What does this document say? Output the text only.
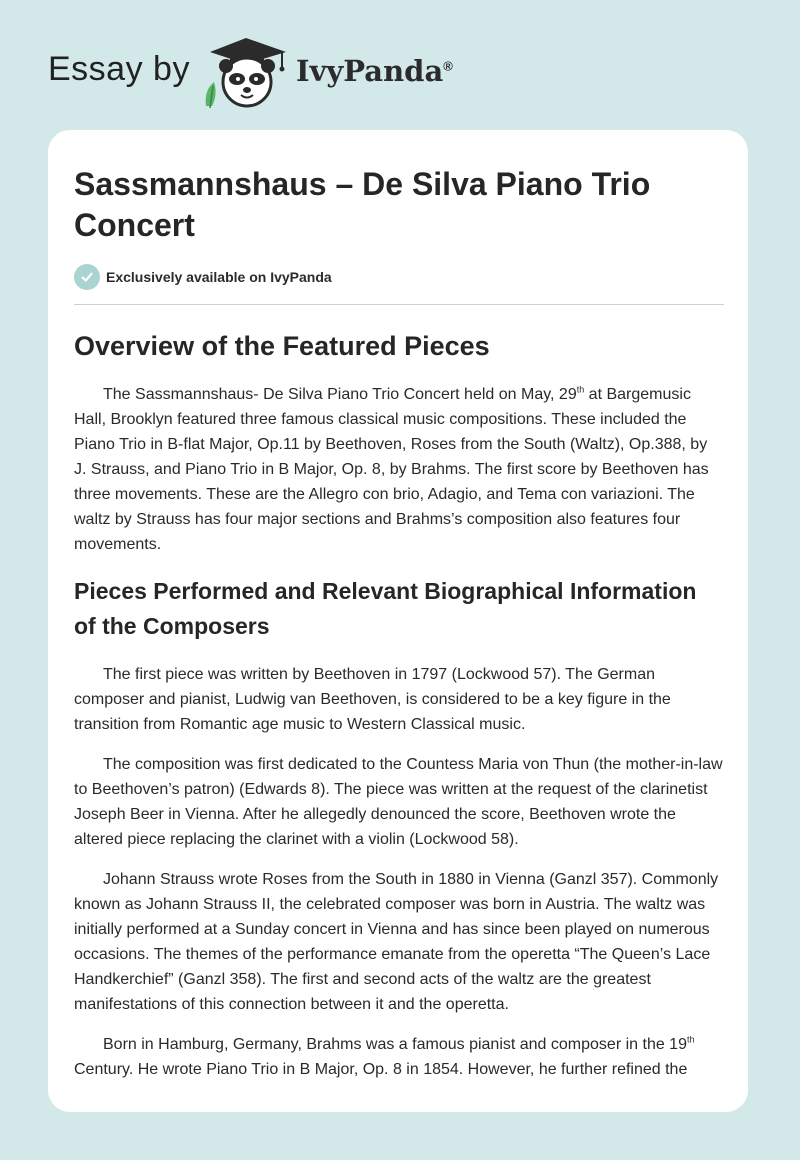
Essay by	IvyPanda®
Sassmannshaus – De Silva Piano Trio Concert
Exclusively available on IvyPanda
Overview of the Featured Pieces

The Sassmannshaus- De Silva Piano Trio Concert held on May, 29th at Bargemusic Hall, Brooklyn featured three famous classical music compositions. These included the Piano Trio in B-flat Major, Op.11 by Beethoven, Roses from the South (Waltz), Op.388, by J. Strauss, and Piano Trio in B Major, Op. 8, by Brahms. The first score by Beethoven has three movements. These are the Allegro con brio, Adagio, and Tema con variazioni. The waltz by Strauss has four major sections and Brahms’s composition also features four movements.

Pieces Performed and Relevant Biographical Information of the Composers

The first piece was written by Beethoven in 1797 (Lockwood 57). The German composer and pianist, Ludwig van Beethoven, is considered to be a key figure in the transition from Romantic age music to Western Classical music.

The composition was first dedicated to the Countess Maria von Thun (the mother-in-law to Beethoven’s patron) (Edwards 8). The piece was written at the request of the clarinetist Joseph Beer in Vienna. After he allegedly denounced the score, Beethoven wrote the altered piece replacing the clarinet with a violin (Lockwood 58).

Johann Strauss wrote Roses from the South in 1880 in Vienna (Ganzl 357). Commonly known as Johann Strauss II, the celebrated composer was born in Austria. The waltz was initially performed at a Sunday concert in Vienna and has since been played on numerous occasions. The themes of the performance emanate from the operetta “The Queen’s Lace Handkerchief” (Ganzl 358). The first and second acts of the waltz are the greatest manifestations of this connection between it and the operetta.

Born in Hamburg, Germany, Brahms was a famous pianist and composer in the 19th Century. He wrote Piano Trio in B Major, Op. 8 in 1854. However, he further refined the
